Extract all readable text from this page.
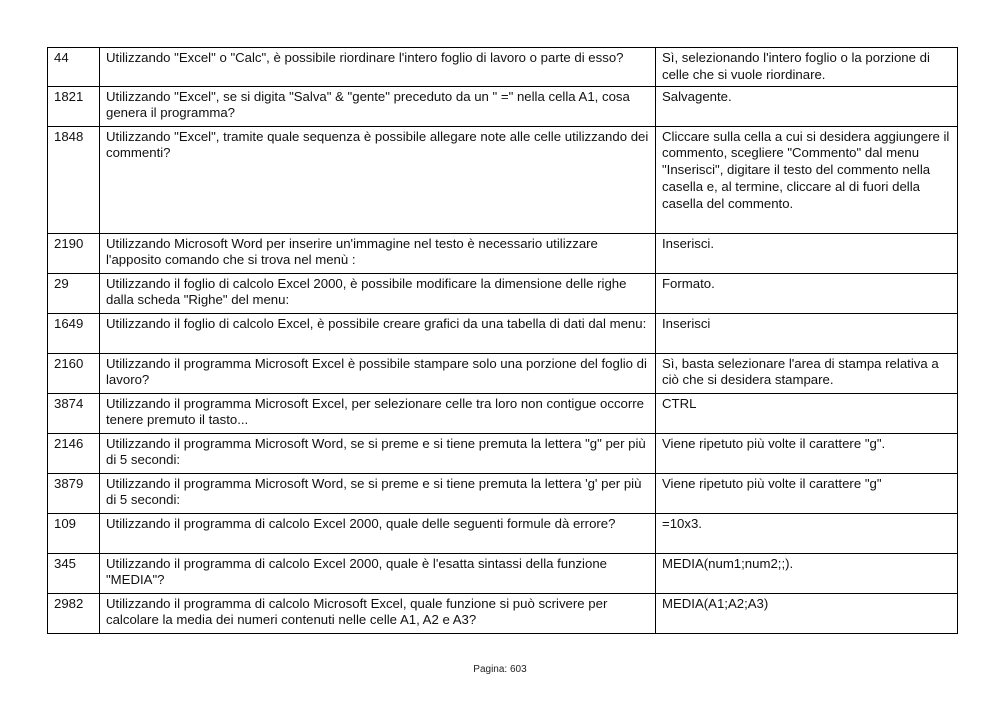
44	Utilizzando "Excel" o "Calc", è possibile riordinare l'intero foglio di lavoro o parte di esso?	Sì, selezionando l'intero foglio o la porzione di celle che si vuole riordinare.
1821	Utilizzando "Excel", se si digita "Salva" & "gente" preceduto da un " =" nella cella A1, cosa genera il programma?	Salvagente.
1848	Utilizzando "Excel", tramite quale sequenza è possibile allegare note alle celle utilizzando dei commenti?	Cliccare sulla cella a cui si desidera aggiungere il commento, scegliere "Commento" dal menu "Inserisci", digitare il testo del commento nella casella e, al termine, cliccare al di fuori della casella del commento.
2190	Utilizzando Microsoft Word per inserire un'immagine nel testo è necessario utilizzare l'apposito comando che si trova nel menù :	Inserisci.
29	Utilizzando il foglio di calcolo Excel 2000, è possibile modificare la dimensione delle righe dalla scheda "Righe" del menu:	Formato.
1649	Utilizzando il foglio di calcolo Excel, è possibile creare grafici da una tabella di dati dal menu:	Inserisci
2160	Utilizzando il programma Microsoft Excel è possibile stampare solo una porzione del foglio di lavoro?	Sì, basta selezionare l'area di stampa relativa a ciò che si desidera stampare.
3874	Utilizzando il programma Microsoft Excel, per selezionare celle tra loro non contigue occorre tenere premuto il tasto...	CTRL
2146	Utilizzando il programma Microsoft Word, se si preme e si tiene premuta la lettera "g" per più di 5 secondi:	Viene ripetuto più volte il carattere "g".
3879	Utilizzando il programma Microsoft Word, se si preme e si tiene premuta la lettera 'g' per più di 5 secondi:	Viene ripetuto più volte il carattere "g"
109	Utilizzando il programma di calcolo Excel 2000, quale delle seguenti formule dà errore?	=10x3.
345	Utilizzando il programma di calcolo Excel 2000, quale è l'esatta sintassi della funzione "MEDIA"?	MEDIA(num1;num2;;).
2982	Utilizzando il programma di calcolo Microsoft Excel, quale funzione si può scrivere per calcolare la media dei numeri contenuti nelle celle A1, A2 e A3?	MEDIA(A1;A2;A3)
Pagina: 603
